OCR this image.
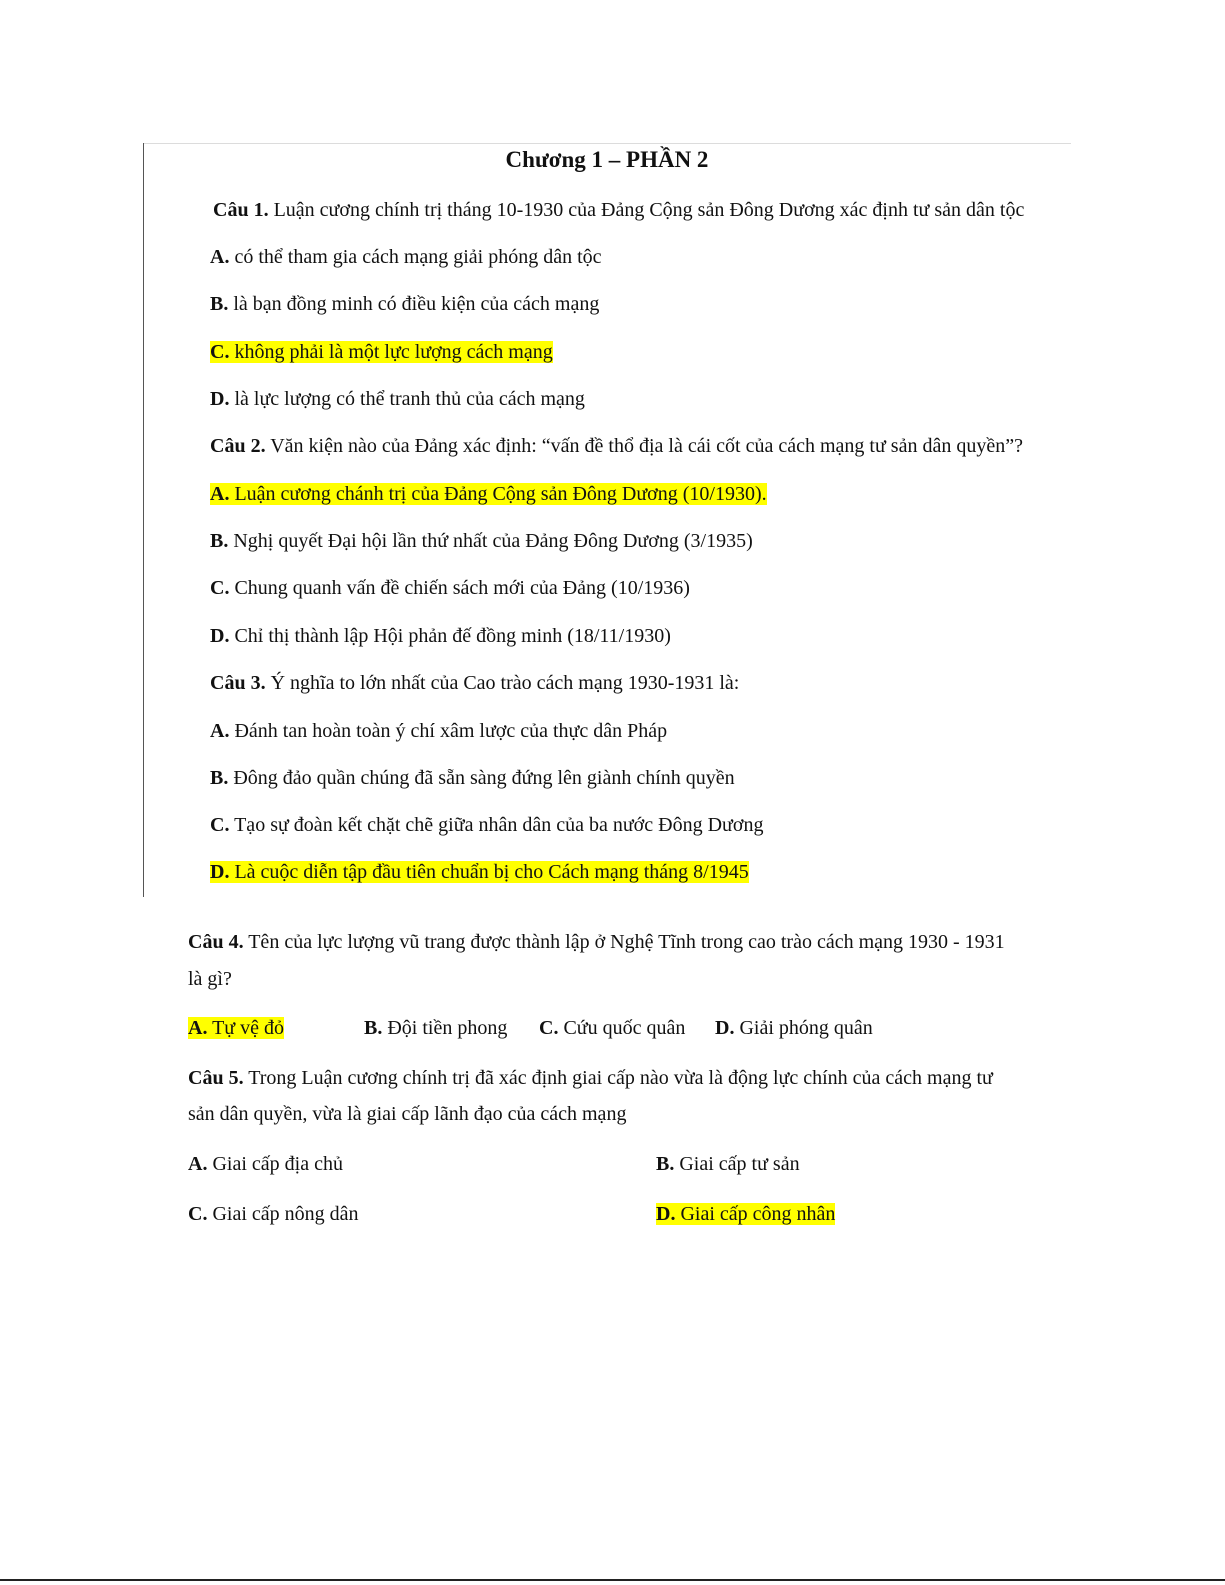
Chương 1 – PHẦN 2
Câu 1. Luận cương chính trị tháng 10-1930 của Đảng Cộng sản Đông Dương xác định tư sản dân tộc
A. có thể tham gia cách mạng giải phóng dân tộc
B. là bạn đồng minh có điều kiện của cách mạng
C. không phải là một lực lượng cách mạng
D. là lực lượng có thể tranh thủ của cách mạng
Câu 2. Văn kiện nào của Đảng xác định: “vấn đề thổ địa là cái cốt của cách mạng tư sản dân quyền”?
A. Luận cương chánh trị của Đảng Cộng sản Đông Dương (10/1930).
B. Nghị quyết Đại hội lần thứ nhất của Đảng Đông Dương (3/1935)
C. Chung quanh vấn đề chiến sách mới của Đảng (10/1936)
D. Chỉ thị thành lập Hội phản đế đồng minh (18/11/1930)
Câu 3. Ý nghĩa to lớn nhất của Cao trào cách mạng 1930-1931 là:
A. Đánh tan hoàn toàn ý chí xâm lược của thực dân Pháp
B. Đông đảo quần chúng đã sẵn sàng đứng lên giành chính quyền
C. Tạo sự đoàn kết chặt chẽ giữa nhân dân của ba nước Đông Dương
D. Là cuộc diễn tập đầu tiên chuẩn bị cho Cách mạng tháng 8/1945
Câu 4. Tên của lực lượng vũ trang được thành lập ở Nghệ Tĩnh trong cao trào cách mạng 1930 - 1931
là gì?
A. Tự vệ đỏ	B. Đội tiền phong C. Cứu quốc quân D. Giải phóng quân
Câu 5. Trong Luận cương chính trị đã xác định giai cấp nào vừa là động lực chính của cách mạng tư
sản dân quyền, vừa là giai cấp lãnh đạo của cách mạng
A. Giai cấp địa chủ	B. Giai cấp tư sản
C. Giai cấp nông dân	D. Giai cấp công nhân
